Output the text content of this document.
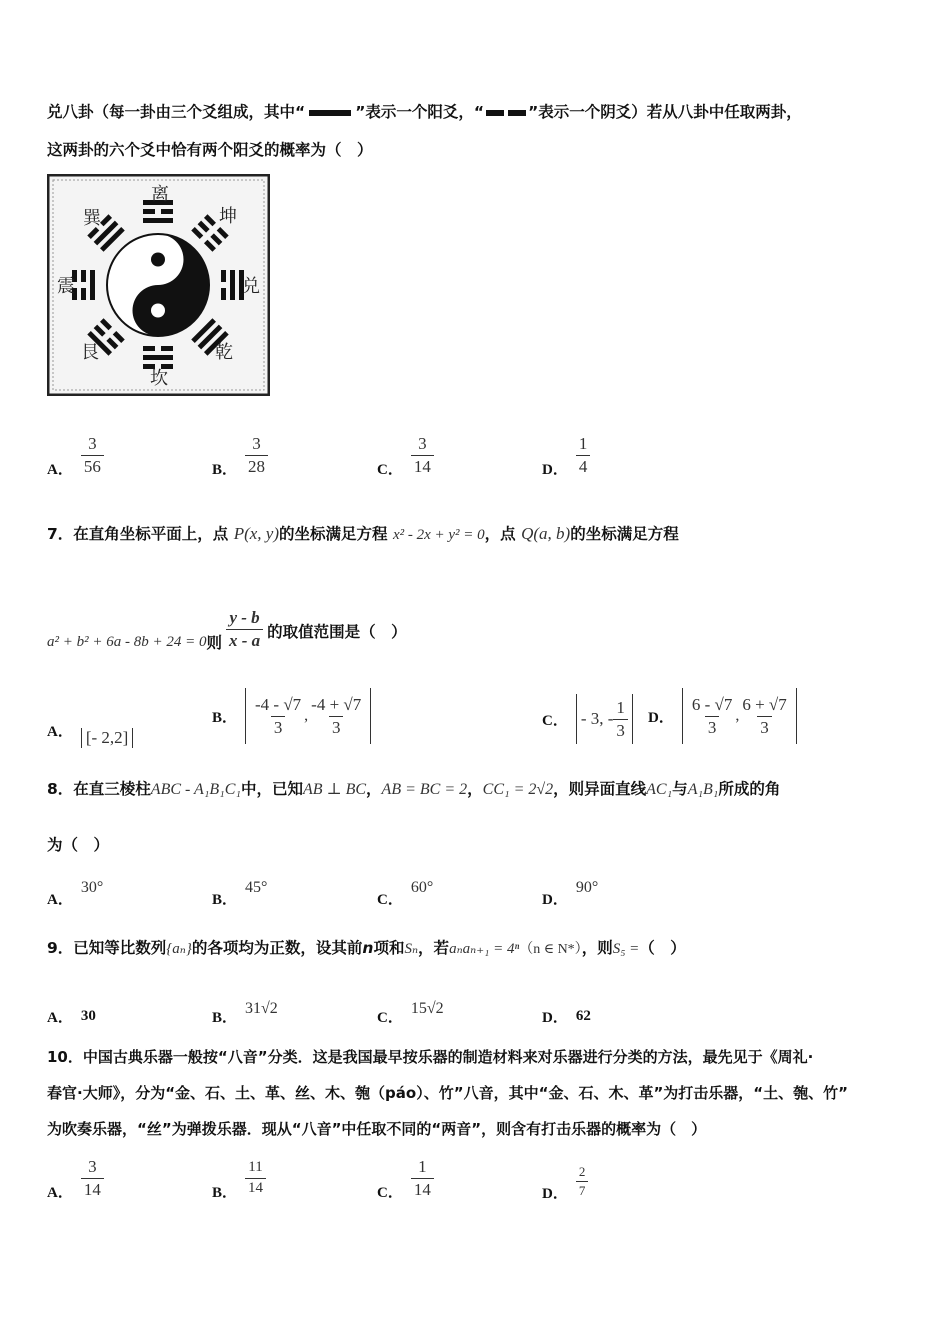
兑八卦（每一卦由三个爻组成，其中“	”表示一个阳爻，“	”表示一个阴爻）若从八卦中任取两卦，
这两卦的六个爻中恰有两个阳爻的概率为（　）
离
坤
兑
乾
坎
艮
震
巽
A． $\frac{3}{56}$	B． $\frac{3}{28}$	C． $\frac{3}{14}$	D． $\frac{1}{4}$
7．在直角坐标平面上，点 P(x, y)的坐标满足方程 x² - 2x + y² = 0，点 Q(a, b)的坐标满足方程
a² + b² + 6a - 8b + 24 = 0 则 $\frac{y - b}{x - a}$ 的取值范围是（　）
A． [- 2,2]
B． $\frac{-4 - √7}{3}$ , $\frac{-4 + √7}{3}$	C． - 3, - $\frac{1}{3}$ D． $\frac{6 - √7}{3}$ , $\frac{6 + √7}{3}$
8．在直三棱柱ABC - A₁B₁C₁中，已知AB ⊥ BC，AB = BC = 2，CC₁ = 2√2，则异面直线AC₁与A₁B₁所成的角
为（　）
A．
30°
B．
45°
C．
60°
D．
90°
9．已知等比数列{aₙ}的各项均为正数，设其前n项和Sₙ，若aₙaₙ₊₁ = 4ⁿ（n ∈ N*），则S₅ =（　）
A． 30	B．
31√2
C．
15√2
D． 62
10．中国古典乐器一般按“八音”分类．这是我国最早按乐器的制造材料来对乐器进行分类的方法，最先见于《周礼·
春官·大师》，分为“金、石、土、革、丝、木、匏（páo）、竹”八音，其中“金、石、木、革”为打击乐器，“土、匏、竹”
为吹奏乐器，“丝”为弹拨乐器．现从“八音”中任取不同的“两音”，则含有打击乐器的概率为（　）
A． $\frac{3}{14}$	B． $\frac{11}{14}$	C． $\frac{1}{14}$	D． $\frac{2}{7}$
